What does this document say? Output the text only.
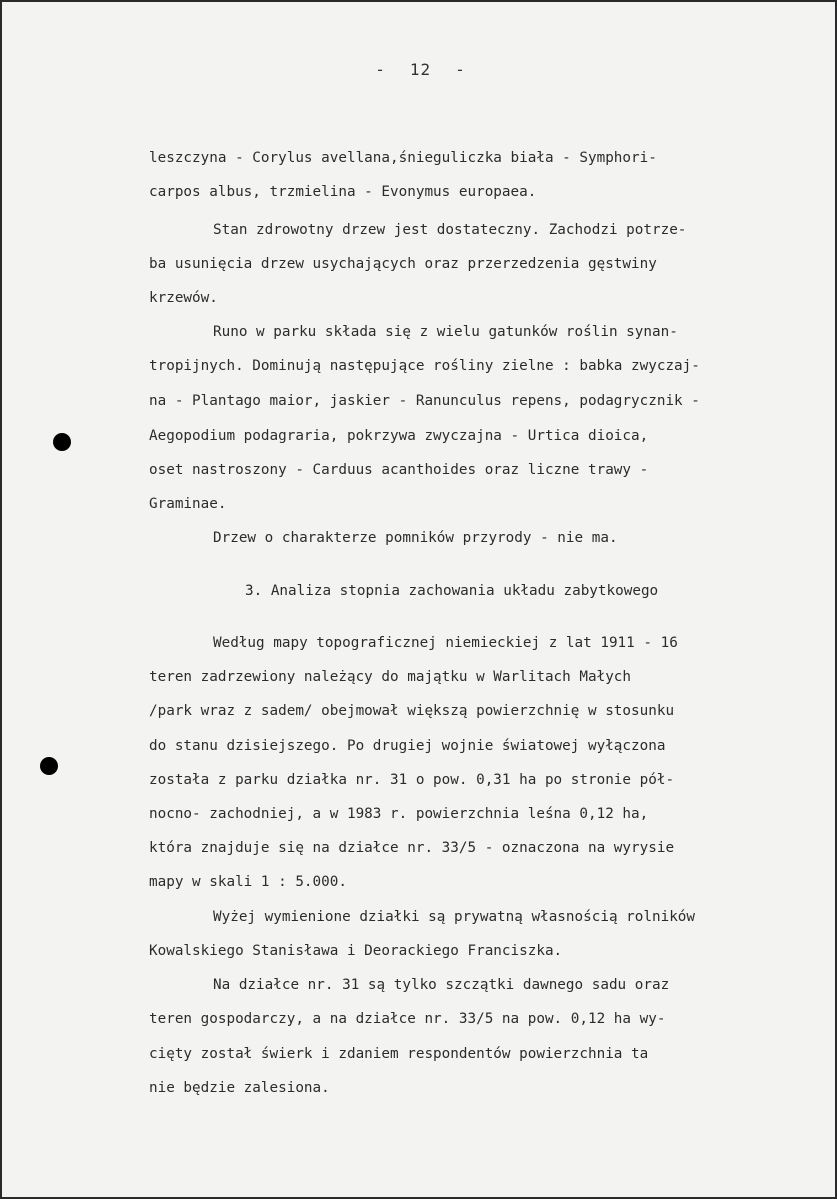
- 12 -
leszczyna - Corylus avellana,śnieguliczka biała - Symphori-
carpos albus, trzmielina - Evonymus europaea.
Stan zdrowotny drzew jest dostateczny. Zachodzi potrze-
ba usunięcia drzew usychających oraz przerzedzenia gęstwiny
krzewów.
Runo w parku składa się z wielu gatunków roślin synan-
tropijnych. Dominują następujące rośliny zielne : babka zwyczaj-
na - Plantago maior, jaskier - Ranunculus repens, podagrycznik -
Aegopodium podagraria, pokrzywa zwyczajna - Urtica dioica,
oset nastroszony - Carduus acanthoides oraz liczne trawy -
Graminae.
Drzew o charakterze pomników przyrody - nie ma.
3. Analiza stopnia zachowania układu zabytkowego
Według mapy topograficznej niemieckiej z lat 1911 - 16
teren zadrzewiony należący do majątku w Warlitach Małych
/park wraz z sadem/ obejmował większą powierzchnię w stosunku
do stanu dzisiejszego. Po drugiej wojnie światowej wyłączona
została z parku działka nr. 31 o pow. 0,31 ha po stronie pół-
nocno- zachodniej, a w 1983 r. powierzchnia leśna 0,12 ha,
która znajduje się na działce nr. 33/5 - oznaczona na wyrysie
mapy w skali 1 : 5.000.
Wyżej wymienione działki są prywatną własnością rolników
Kowalskiego Stanisława i Deorackiego Franciszka.
Na działce nr. 31 są tylko szczątki dawnego sadu oraz
teren gospodarczy, a na działce nr. 33/5 na pow. 0,12 ha wy-
cięty został świerk i zdaniem respondentów powierzchnia ta
nie będzie zalesiona.
